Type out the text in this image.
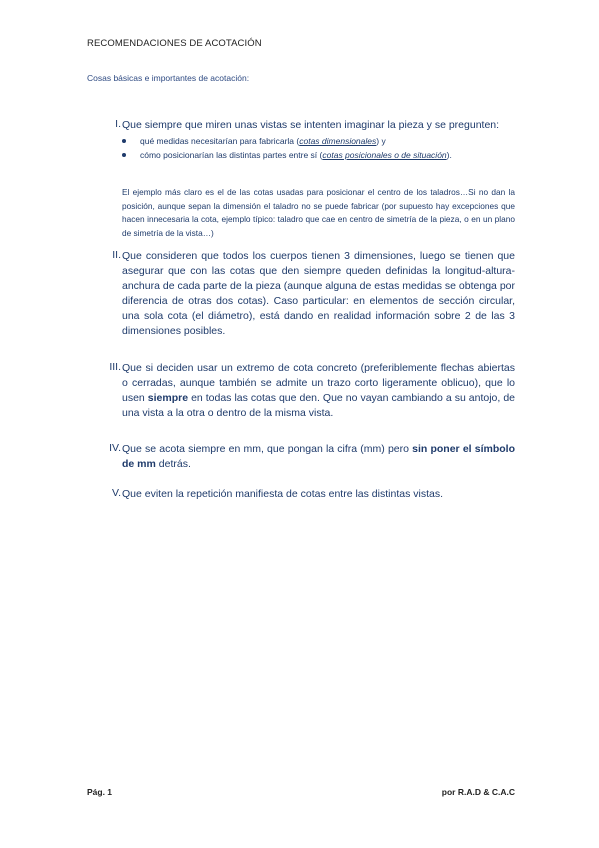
RECOMENDACIONES DE ACOTACIÓN
Cosas básicas e importantes de acotación:
I. Que siempre que miren unas vistas se intenten imaginar la pieza y se pregunten:
qué medidas necesitarían para fabricarla (cotas dimensionales) y
cómo posicionarían las distintas partes entre sí (cotas posicionales o de situación).
El ejemplo más claro es el de las cotas usadas para posicionar el centro de los taladros…Si no dan la posición, aunque sepan la dimensión el taladro no se puede fabricar (por supuesto hay excepciones que hacen innecesaria la cota, ejemplo típico: taladro que cae en centro de simetría de la pieza, o en un plano de simetría de la vista…)
II. Que consideren que todos los cuerpos tienen 3 dimensiones, luego se tienen que asegurar que con las cotas que den siempre queden definidas la longitud-altura-anchura de cada parte de la pieza (aunque alguna de estas medidas se obtenga por diferencia de otras dos cotas). Caso particular: en elementos de sección circular, una sola cota (el diámetro), está dando en realidad información sobre 2 de las 3 dimensiones posibles.
III. Que si deciden usar un extremo de cota concreto (preferiblemente flechas abiertas o cerradas, aunque también se admite un trazo corto ligeramente oblicuo), que lo usen siempre en todas las cotas que den. Que no vayan cambiando a su antojo, de una vista a la otra o dentro de la misma vista.
IV. Que se acota siempre en mm, que pongan la cifra (mm) pero sin poner el símbolo de mm detrás.
V. Que eviten la repetición manifiesta de cotas entre las distintas vistas.
Pág. 1	por R.A.D & C.A.C
